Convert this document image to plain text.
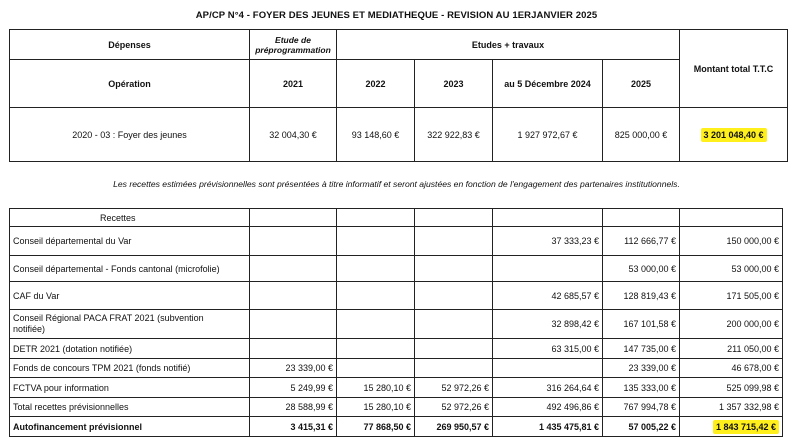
AP/CP N°4 - FOYER DES JEUNES ET MEDIATHEQUE - REVISION AU 1ERJANVIER 2025
Dépenses	Etude de préprogrammation	Etudes + travaux				Montant total T.T.C
Opération	2021	2022	2023	au 5 Décembre 2024	2025	
2020 - 03 : Foyer des jeunes	32 004,30 €	93 148,60 €	322 922,83 €	1 927 972,67 €	825 000,00 €	3 201 048,40 €
Les recettes estimées prévisionnelles sont présentées à titre informatif et seront ajustées en fonction de l'engagement des partenaires institutionnels.
Recettes						
Conseil départemental du Var				37 333,23 €	112 666,77 €	150 000,00 €
Conseil départemental - Fonds cantonal (microfolie)					53 000,00 €	53 000,00 €
CAF du Var				42 685,57 €	128 819,43 €	171 505,00 €
Conseil Régional PACA FRAT 2021 (subvention
notifiée)				32 898,42 €	167 101,58 €	200 000,00 €
DETR 2021 (dotation notifiée)				63 315,00 €	147 735,00 €	211 050,00 €
Fonds de concours TPM 2021 (fonds notifié)	23 339,00 €				23 339,00 €	46 678,00 €
FCTVA pour information	5 249,99 €	15 280,10 €	52 972,26 €	316 264,64 €	135 333,00 €	525 099,98 €
Total recettes prévisionnelles	28 588,99 €	15 280,10 €	52 972,26 €	492 496,86 €	767 994,78 €	1 357 332,98 €
Autofinancement prévisionnel	3 415,31 €	77 868,50 €	269 950,57 €	1 435 475,81 €	57 005,22 €	1 843 715,42 €
